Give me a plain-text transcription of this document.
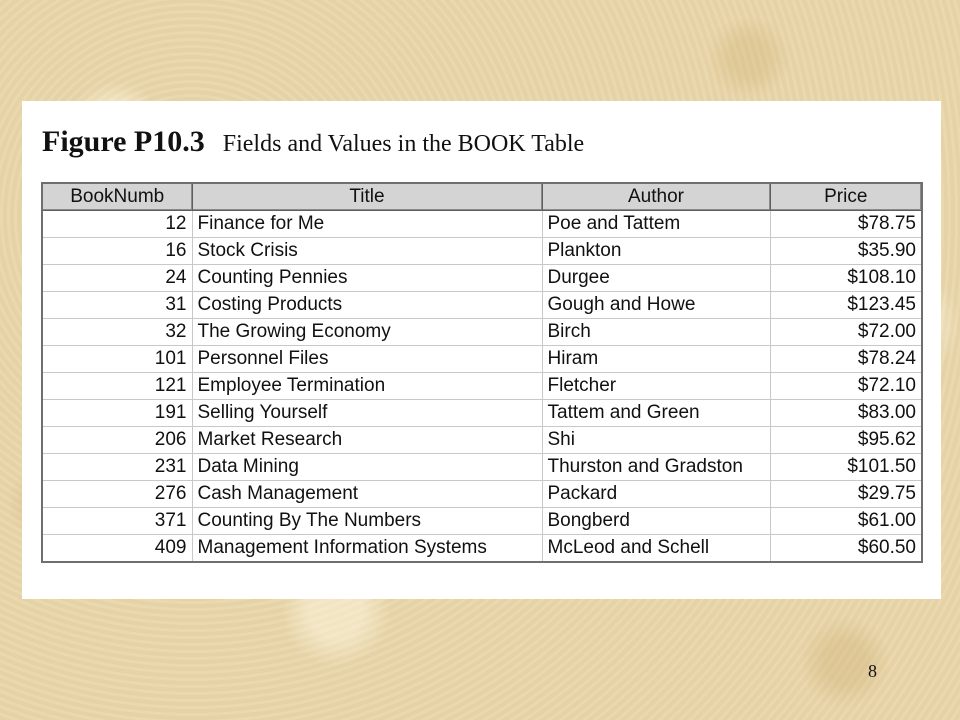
Figure P10.3 Fields and Values in the BOOK Table
BookNumb	Title	Author	Price
12	Finance for Me	Poe and Tattem	$78.75
16	Stock Crisis	Plankton	$35.90
24	Counting Pennies	Durgee	$108.10
31	Costing Products	Gough and Howe	$123.45
32	The Growing Economy	Birch	$72.00
101	Personnel Files	Hiram	$78.24
121	Employee Termination	Fletcher	$72.10
191	Selling Yourself	Tattem and Green	$83.00
206	Market Research	Shi	$95.62
231	Data Mining	Thurston and Gradston	$101.50
276	Cash Management	Packard	$29.75
371	Counting By The Numbers	Bongberd	$61.00
409	Management Information Systems	McLeod and Schell	$60.50
8
